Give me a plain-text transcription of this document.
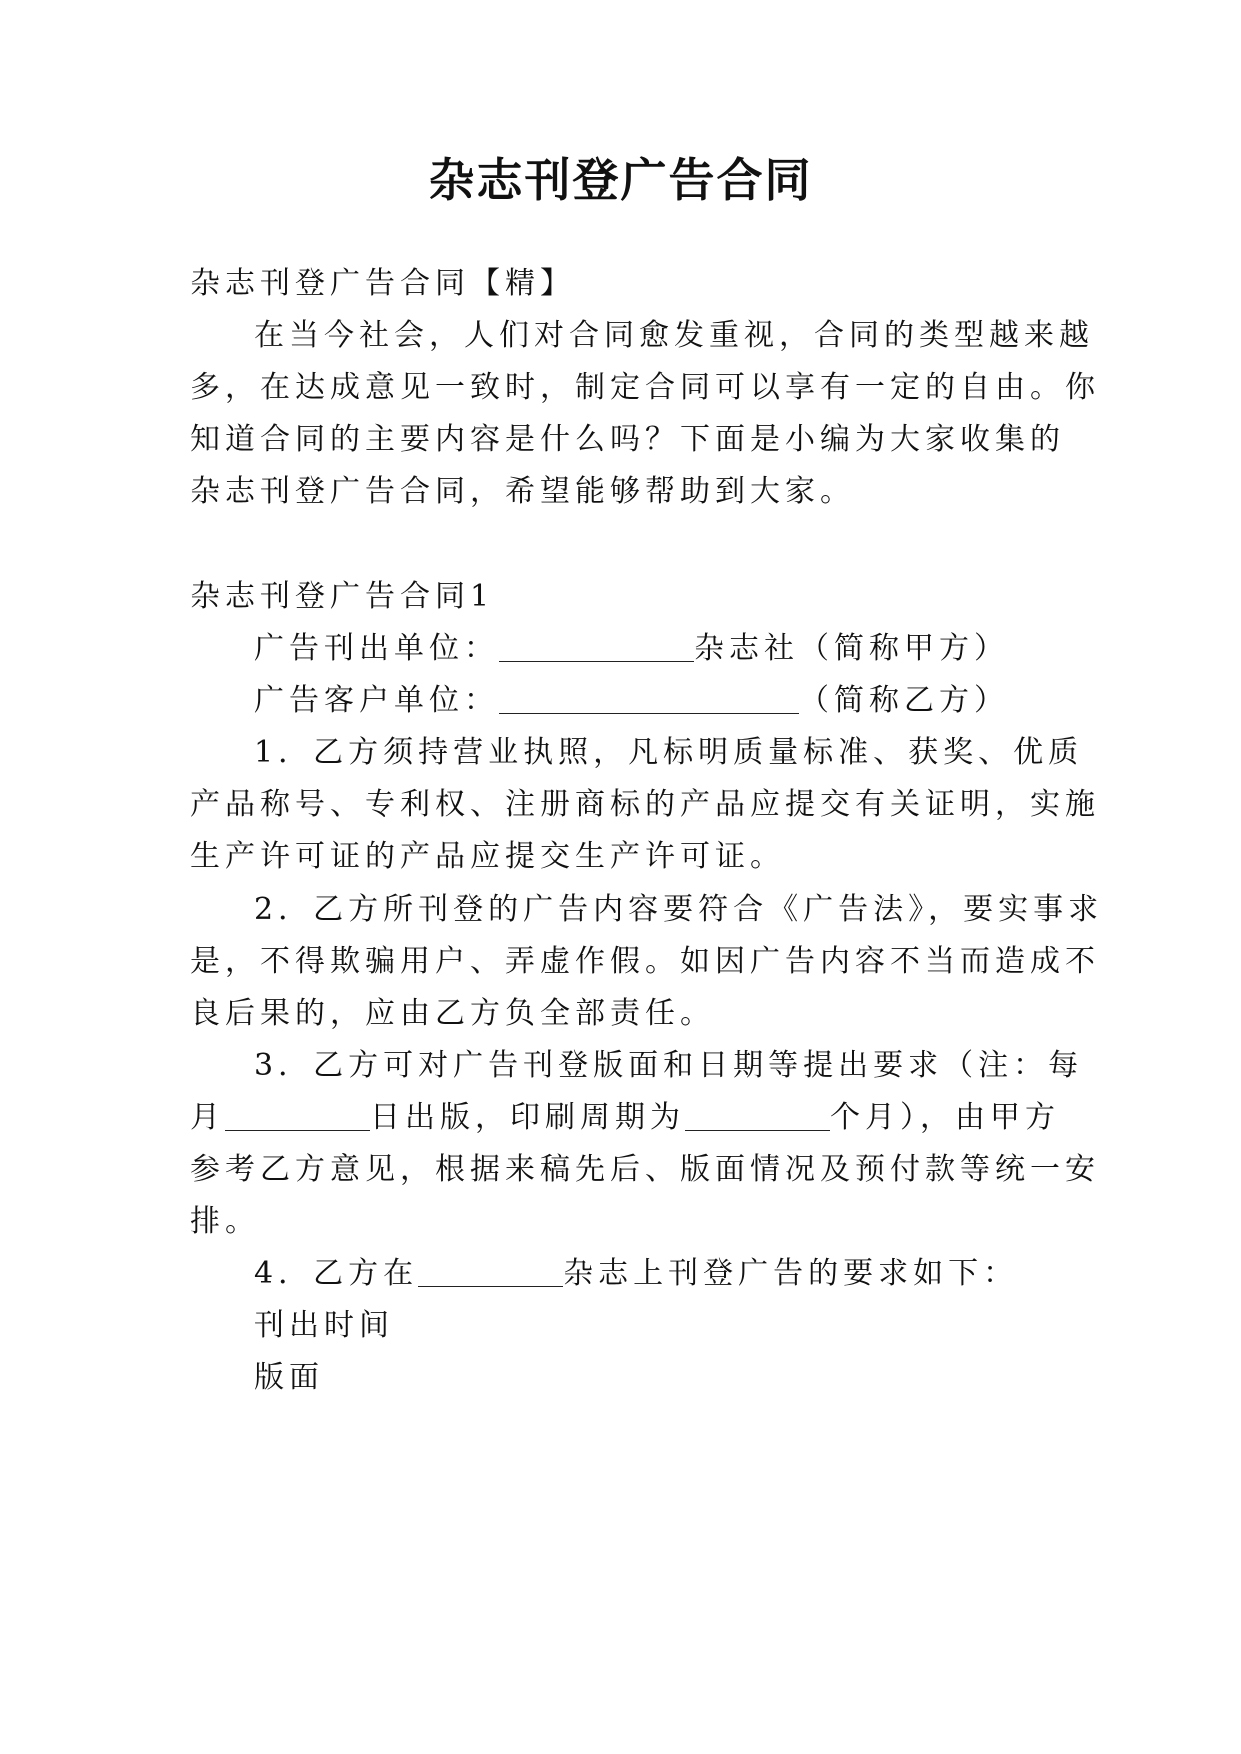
杂志刊登广告合同
杂志刊登广告合同【精】
在当今社会，人们对合同愈发重视，合同的类型越来越
多，在达成意见一致时，制定合同可以享有一定的自由。你
知道合同的主要内容是什么吗？下面是小编为大家收集的
杂志刊登广告合同，希望能够帮助到大家。
杂志刊登广告合同1
广告刊出单位：	杂志社（简称甲方）
广告客户单位：	（简称乙方）
1．乙方须持营业执照，凡标明质量标准、获奖、优质
产品称号、专利权、注册商标的产品应提交有关证明，实施
生产许可证的产品应提交生产许可证。
2．乙方所刊登的广告内容要符合《广告法》，要实事求
是，不得欺骗用户、弄虚作假。如因广告内容不当而造成不
良后果的，应由乙方负全部责任。
3．乙方可对广告刊登版面和日期等提出要求（注：每
月	日出版，印刷周期为	个月），由甲方
参考乙方意见，根据来稿先后、版面情况及预付款等统一安
排。
4．乙方在	杂志上刊登广告的要求如下：
刊出时间
版面
